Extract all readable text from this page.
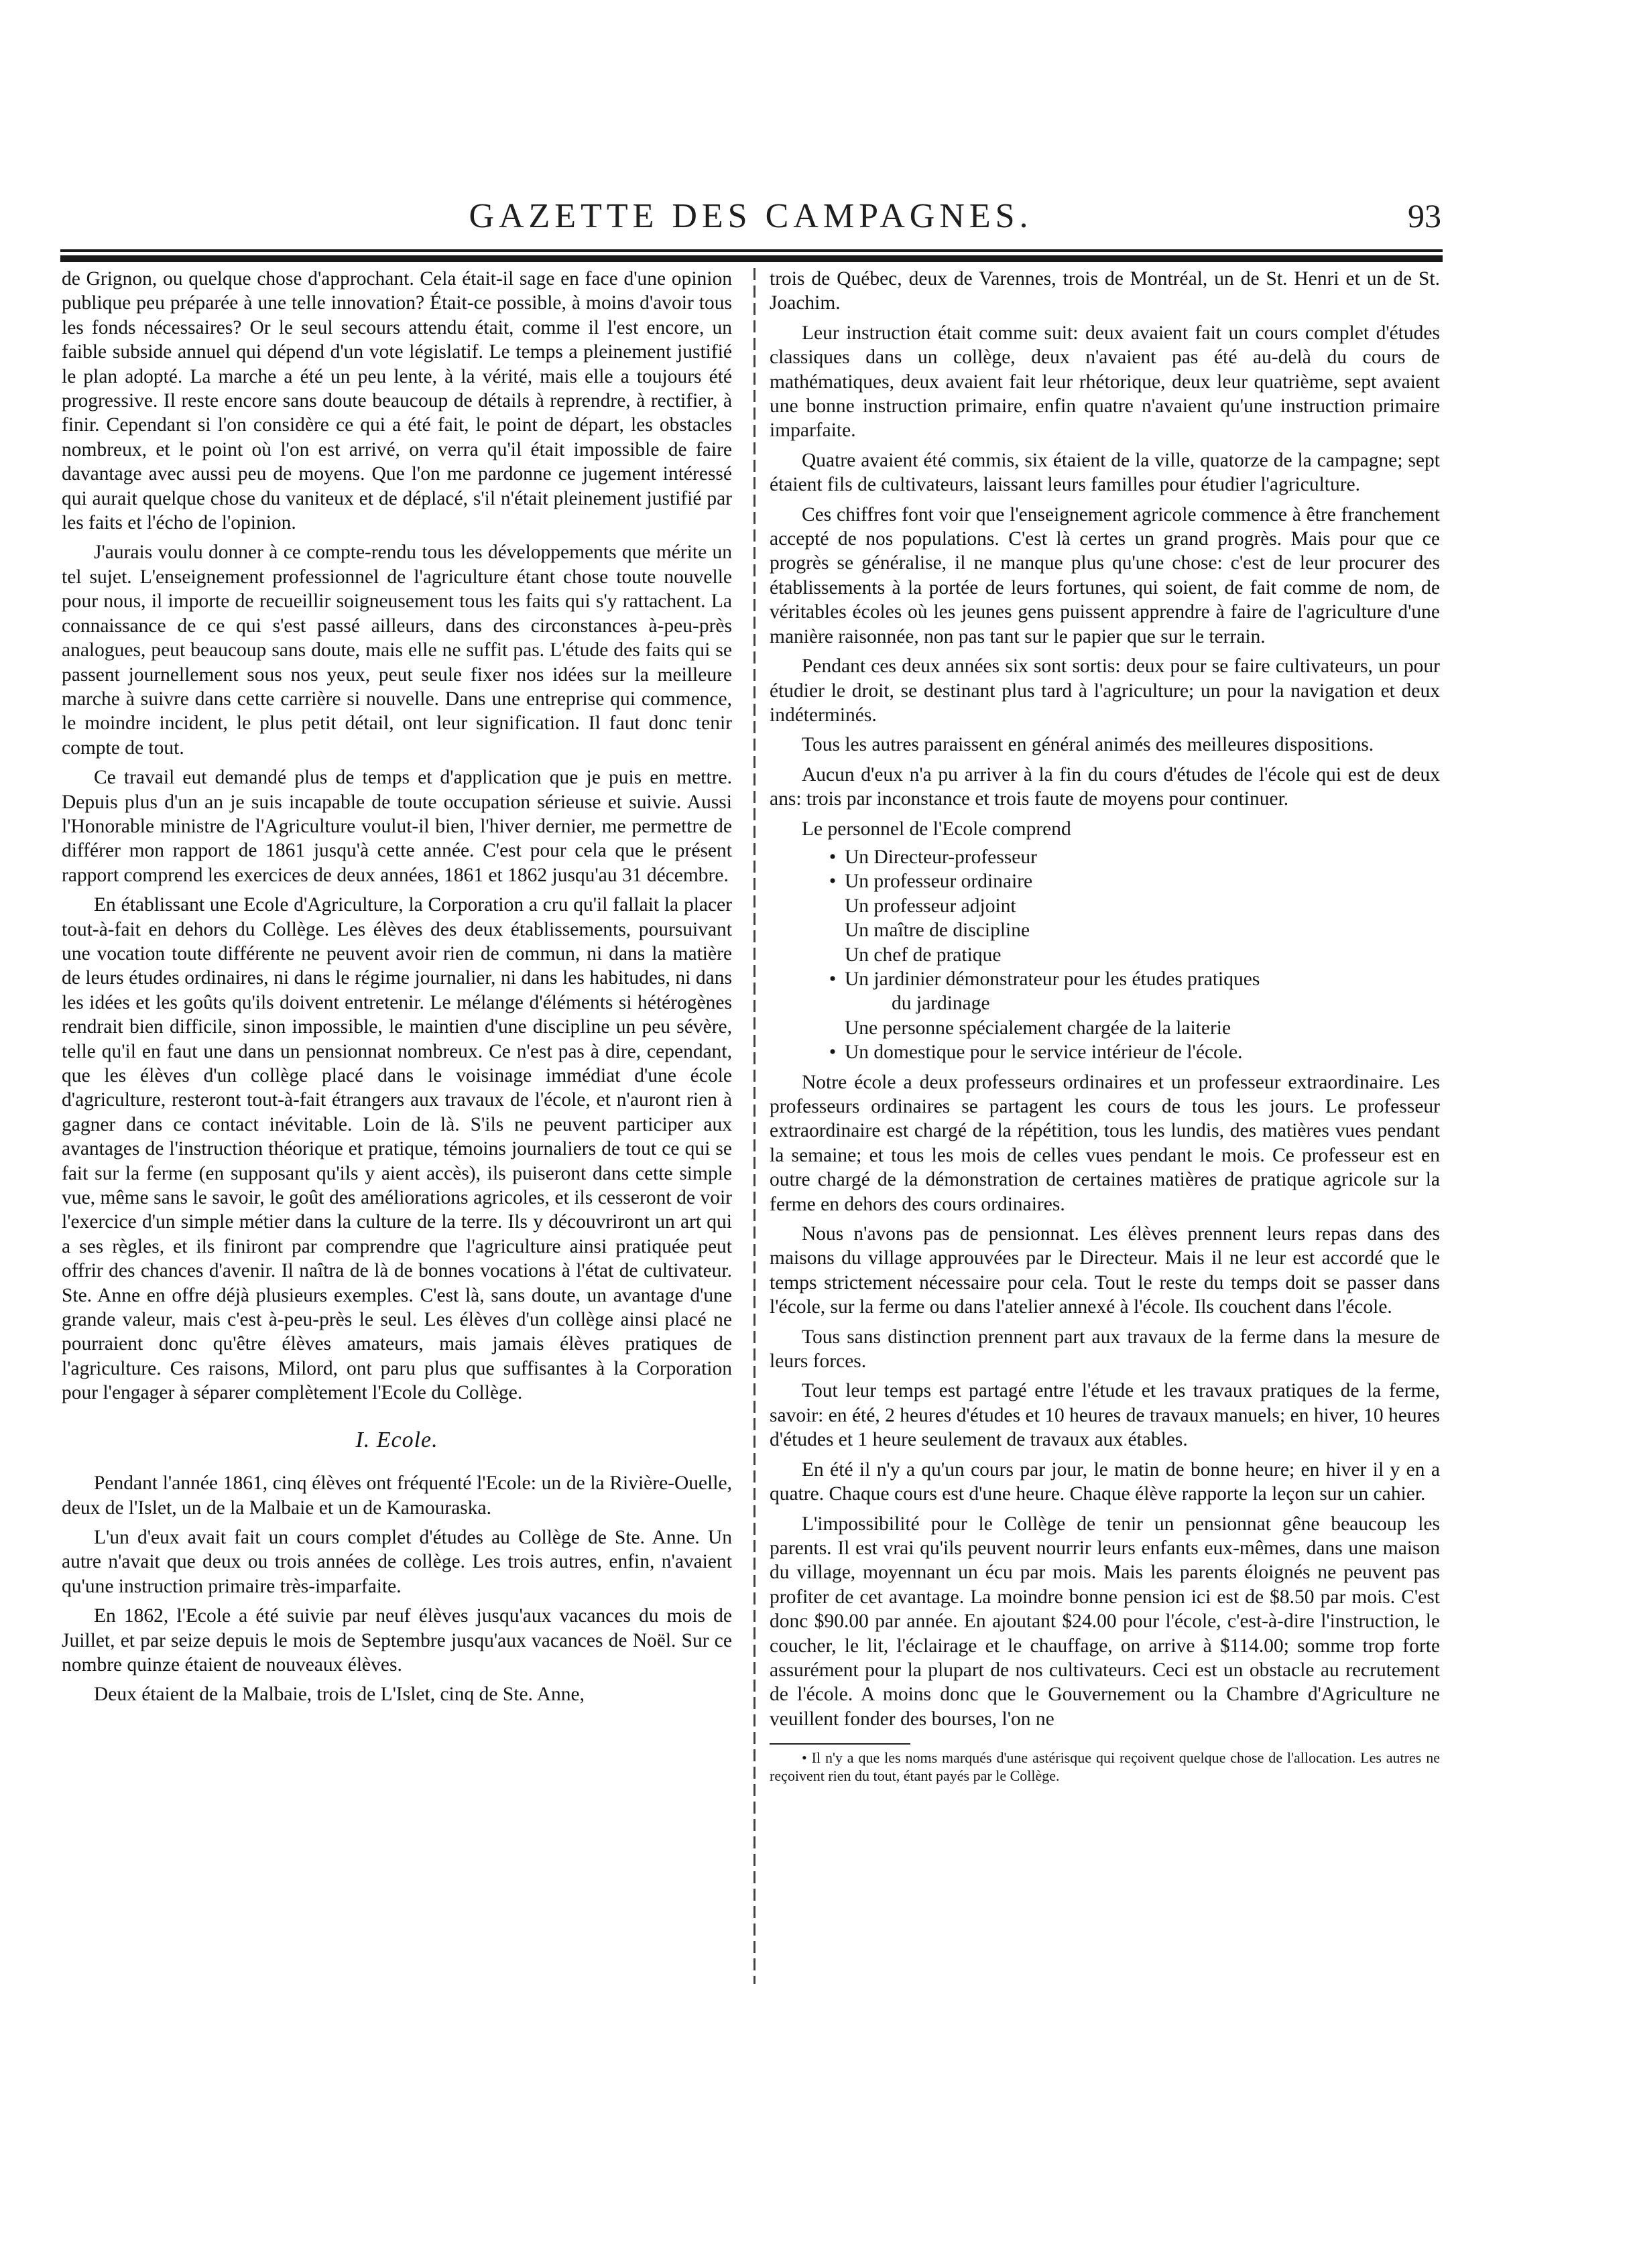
GAZETTE DES CAMPAGNES.	93

de Grignon, ou quelque chose d'approchant. Cela était-il sage en face d'une opinion publique peu préparée à une telle innovation? Était-ce possible, à moins d'avoir tous les fonds nécessaires? Or le seul secours attendu était, comme il l'est encore, un faible subside annuel qui dépend d'un vote législatif. Le temps a pleinement justifié le plan adopté. La marche a été un peu lente, à la vérité, mais elle a toujours été progressive. Il reste encore sans doute beaucoup de détails à reprendre, à rectifier, à finir. Cependant si l'on considère ce qui a été fait, le point de départ, les obstacles nombreux, et le point où l'on est arrivé, on verra qu'il était impossible de faire davantage avec aussi peu de moyens. Que l'on me pardonne ce jugement intéressé qui aurait quelque chose du vaniteux et de déplacé, s'il n'était pleinement justifié par les faits et l'écho de l'opinion.

J'aurais voulu donner à ce compte-rendu tous les développements que mérite un tel sujet. L'enseignement professionnel de l'agriculture étant chose toute nouvelle pour nous, il importe de recueillir soigneusement tous les faits qui s'y rattachent. La connaissance de ce qui s'est passé ailleurs, dans des circonstances à-peu-près analogues, peut beaucoup sans doute, mais elle ne suffit pas. L'étude des faits qui se passent journellement sous nos yeux, peut seule fixer nos idées sur la meilleure marche à suivre dans cette carrière si nouvelle. Dans une entreprise qui commence, le moindre incident, le plus petit détail, ont leur signification. Il faut donc tenir compte de tout.

Ce travail eut demandé plus de temps et d'application que je puis en mettre. Depuis plus d'un an je suis incapable de toute occupation sérieuse et suivie. Aussi l'Honorable ministre de l'Agriculture voulut-il bien, l'hiver dernier, me permettre de différer mon rapport de 1861 jusqu'à cette année. C'est pour cela que le présent rapport comprend les exercices de deux années, 1861 et 1862 jusqu'au 31 décembre.

En établissant une Ecole d'Agriculture, la Corporation a cru qu'il fallait la placer tout-à-fait en dehors du Collège. Les élèves des deux établissements, poursuivant une vocation toute différente ne peuvent avoir rien de commun, ni dans la matière de leurs études ordinaires, ni dans le régime journalier, ni dans les habitudes, ni dans les idées et les goûts qu'ils doivent entretenir. Le mélange d'éléments si hétérogènes rendrait bien difficile, sinon impossible, le maintien d'une discipline un peu sévère, telle qu'il en faut une dans un pensionnat nombreux. Ce n'est pas à dire, cependant, que les élèves d'un collège placé dans le voisinage immédiat d'une école d'agriculture, resteront tout-à-fait étrangers aux travaux de l'école, et n'auront rien à gagner dans ce contact inévitable. Loin de là. S'ils ne peuvent participer aux avantages de l'instruction théorique et pratique, témoins journaliers de tout ce qui se fait sur la ferme (en supposant qu'ils y aient accès), ils puiseront dans cette simple vue, même sans le savoir, le goût des améliorations agricoles, et ils cesseront de voir l'exercice d'un simple métier dans la culture de la terre. Ils y découvriront un art qui a ses règles, et ils finiront par comprendre que l'agriculture ainsi pratiquée peut offrir des chances d'avenir. Il naîtra de là de bonnes vocations à l'état de cultivateur. Ste. Anne en offre déjà plusieurs exemples. C'est là, sans doute, un avantage d'une grande valeur, mais c'est à-peu-près le seul. Les élèves d'un collège ainsi placé ne pourraient donc qu'être élèves amateurs, mais jamais élèves pratiques de l'agriculture. Ces raisons, Milord, ont paru plus que suffisantes à la Corporation pour l'engager à séparer complètement l'Ecole du Collège.

I. Ecole.

Pendant l'année 1861, cinq élèves ont fréquenté l'Ecole: un de la Rivière-Ouelle, deux de l'Islet, un de la Malbaie et un de Kamouraska.

L'un d'eux avait fait un cours complet d'études au Collège de Ste. Anne. Un autre n'avait que deux ou trois années de collège. Les trois autres, enfin, n'avaient qu'une instruction primaire très-imparfaite.

En 1862, l'Ecole a été suivie par neuf élèves jusqu'aux vacances du mois de Juillet, et par seize depuis le mois de Septembre jusqu'aux vacances de Noël. Sur ce nombre quinze étaient de nouveaux élèves.

Deux étaient de la Malbaie, trois de L'Islet, cinq de Ste. Anne,

trois de Québec, deux de Varennes, trois de Montréal, un de St. Henri et un de St. Joachim.

Leur instruction était comme suit: deux avaient fait un cours complet d'études classiques dans un collège, deux n'avaient pas été au-delà du cours de mathématiques, deux avaient fait leur rhétorique, deux leur quatrième, sept avaient une bonne instruction primaire, enfin quatre n'avaient qu'une instruction primaire imparfaite.

Quatre avaient été commis, six étaient de la ville, quatorze de la campagne; sept étaient fils de cultivateurs, laissant leurs familles pour étudier l'agriculture.

Ces chiffres font voir que l'enseignement agricole commence à être franchement accepté de nos populations. C'est là certes un grand progrès. Mais pour que ce progrès se généralise, il ne manque plus qu'une chose: c'est de leur procurer des établissements à la portée de leurs fortunes, qui soient, de fait comme de nom, de véritables écoles où les jeunes gens puissent apprendre à faire de l'agriculture d'une manière raisonnée, non pas tant sur le papier que sur le terrain.

Pendant ces deux années six sont sortis: deux pour se faire cultivateurs, un pour étudier le droit, se destinant plus tard à l'agriculture; un pour la navigation et deux indéterminés.

Tous les autres paraissent en général animés des meilleures dispositions.

Aucun d'eux n'a pu arriver à la fin du cours d'études de l'école qui est de deux ans: trois par inconstance et trois faute de moyens pour continuer.

Le personnel de l'Ecole comprend

• Un Directeur-professeur
• Un professeur ordinaire
Un professeur adjoint
Un maître de discipline
Un chef de pratique
• Un jardinier démonstrateur pour les études pratiques
du jardinage
Une personne spécialement chargée de la laiterie
• Un domestique pour le service intérieur de l'école.

Notre école a deux professeurs ordinaires et un professeur extraordinaire. Les professeurs ordinaires se partagent les cours de tous les jours. Le professeur extraordinaire est chargé de la répétition, tous les lundis, des matières vues pendant la semaine; et tous les mois de celles vues pendant le mois. Ce professeur est en outre chargé de la démonstration de certaines matières de pratique agricole sur la ferme en dehors des cours ordinaires.

Nous n'avons pas de pensionnat. Les élèves prennent leurs repas dans des maisons du village approuvées par le Directeur. Mais il ne leur est accordé que le temps strictement nécessaire pour cela. Tout le reste du temps doit se passer dans l'école, sur la ferme ou dans l'atelier annexé à l'école. Ils couchent dans l'école.

Tous sans distinction prennent part aux travaux de la ferme dans la mesure de leurs forces.

Tout leur temps est partagé entre l'étude et les travaux pratiques de la ferme, savoir: en été, 2 heures d'études et 10 heures de travaux manuels; en hiver, 10 heures d'études et 1 heure seulement de travaux aux étables.

En été il n'y a qu'un cours par jour, le matin de bonne heure; en hiver il y en a quatre. Chaque cours est d'une heure. Chaque élève rapporte la leçon sur un cahier.

L'impossibilité pour le Collège de tenir un pensionnat gêne beaucoup les parents. Il est vrai qu'ils peuvent nourrir leurs enfants eux-mêmes, dans une maison du village, moyennant un écu par mois. Mais les parents éloignés ne peuvent pas profiter de cet avantage. La moindre bonne pension ici est de $8.50 par mois. C'est donc $90.00 par année. En ajoutant $24.00 pour l'école, c'est-à-dire l'instruction, le coucher, le lit, l'éclairage et le chauffage, on arrive à $114.00; somme trop forte assurément pour la plupart de nos cultivateurs. Ceci est un obstacle au recrutement de l'école. A moins donc que le Gouvernement ou la Chambre d'Agriculture ne veuillent fonder des bourses, l'on ne

• Il n'y a que les noms marqués d'une astérisque qui reçoivent quelque chose de l'allocation. Les autres ne reçoivent rien du tout, étant payés par le Collège.
